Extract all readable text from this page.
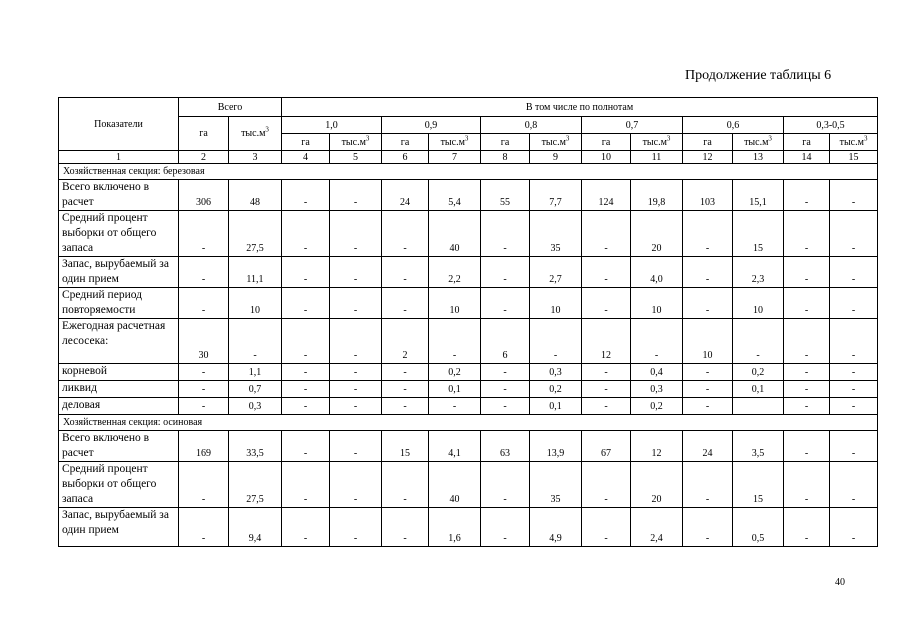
Продолжение таблицы 6
Показатели	Всего		В том числе по полнотам											
	га	$тыс.м^3$	1,0		0,9		0,8		0,7		0,6		0,3-0,5	
			га	$тыс.м^3$	га	$тыс.м^3$	га	$тыс.м^3$	га	$тыс.м^3$	га	$тыс.м^3$	га	$тыс.м^3$
1	2	3	4	5	6	7	8	9	10	11	12	13	14	15
Хозяйственная секция: березовая														
Всего включено в расчет	306	48	-	-	24	5,4	55	7,7	124	19,8	103	15,1	-	-
Средний процент выборки от общего запаса	-	27,5	-	-	-	40	-	35	-	20	-	15	-	-
Запас, вырубаемый за один прием	-	11,1	-	-	-	2,2	-	2,7	-	4,0	-	2,3	-	-
Средний период повторяемости	-	10	-	-	-	10	-	10	-	10	-	10	-	-
Ежегодная расчетная лесосека:	30	-	-	-	2	-	6	-	12	-	10	-	-	-
корневой	-	1,1	-	-	-	0,2	-	0,3	-	0,4	-	0,2	-	-
ликвид	-	0,7	-	-	-	0,1	-	0,2	-	0,3	-	0,1	-	-
деловая	-	0,3	-	-	-	-	-	0,1	-	0,2	-		-	-
Хозяйственная секция: осиновая														
Всего включено в расчет	169	33,5	-	-	15	4,1	63	13,9	67	12	24	3,5	-	-
Средний процент выборки от общего запаса	-	27,5	-	-	-	40	-	35	-	20	-	15	-	-
Запас, вырубаемый за один прием	-	9,4	-	-	-	1,6	-	4,9	-	2,4	-	0,5	-	-
40
